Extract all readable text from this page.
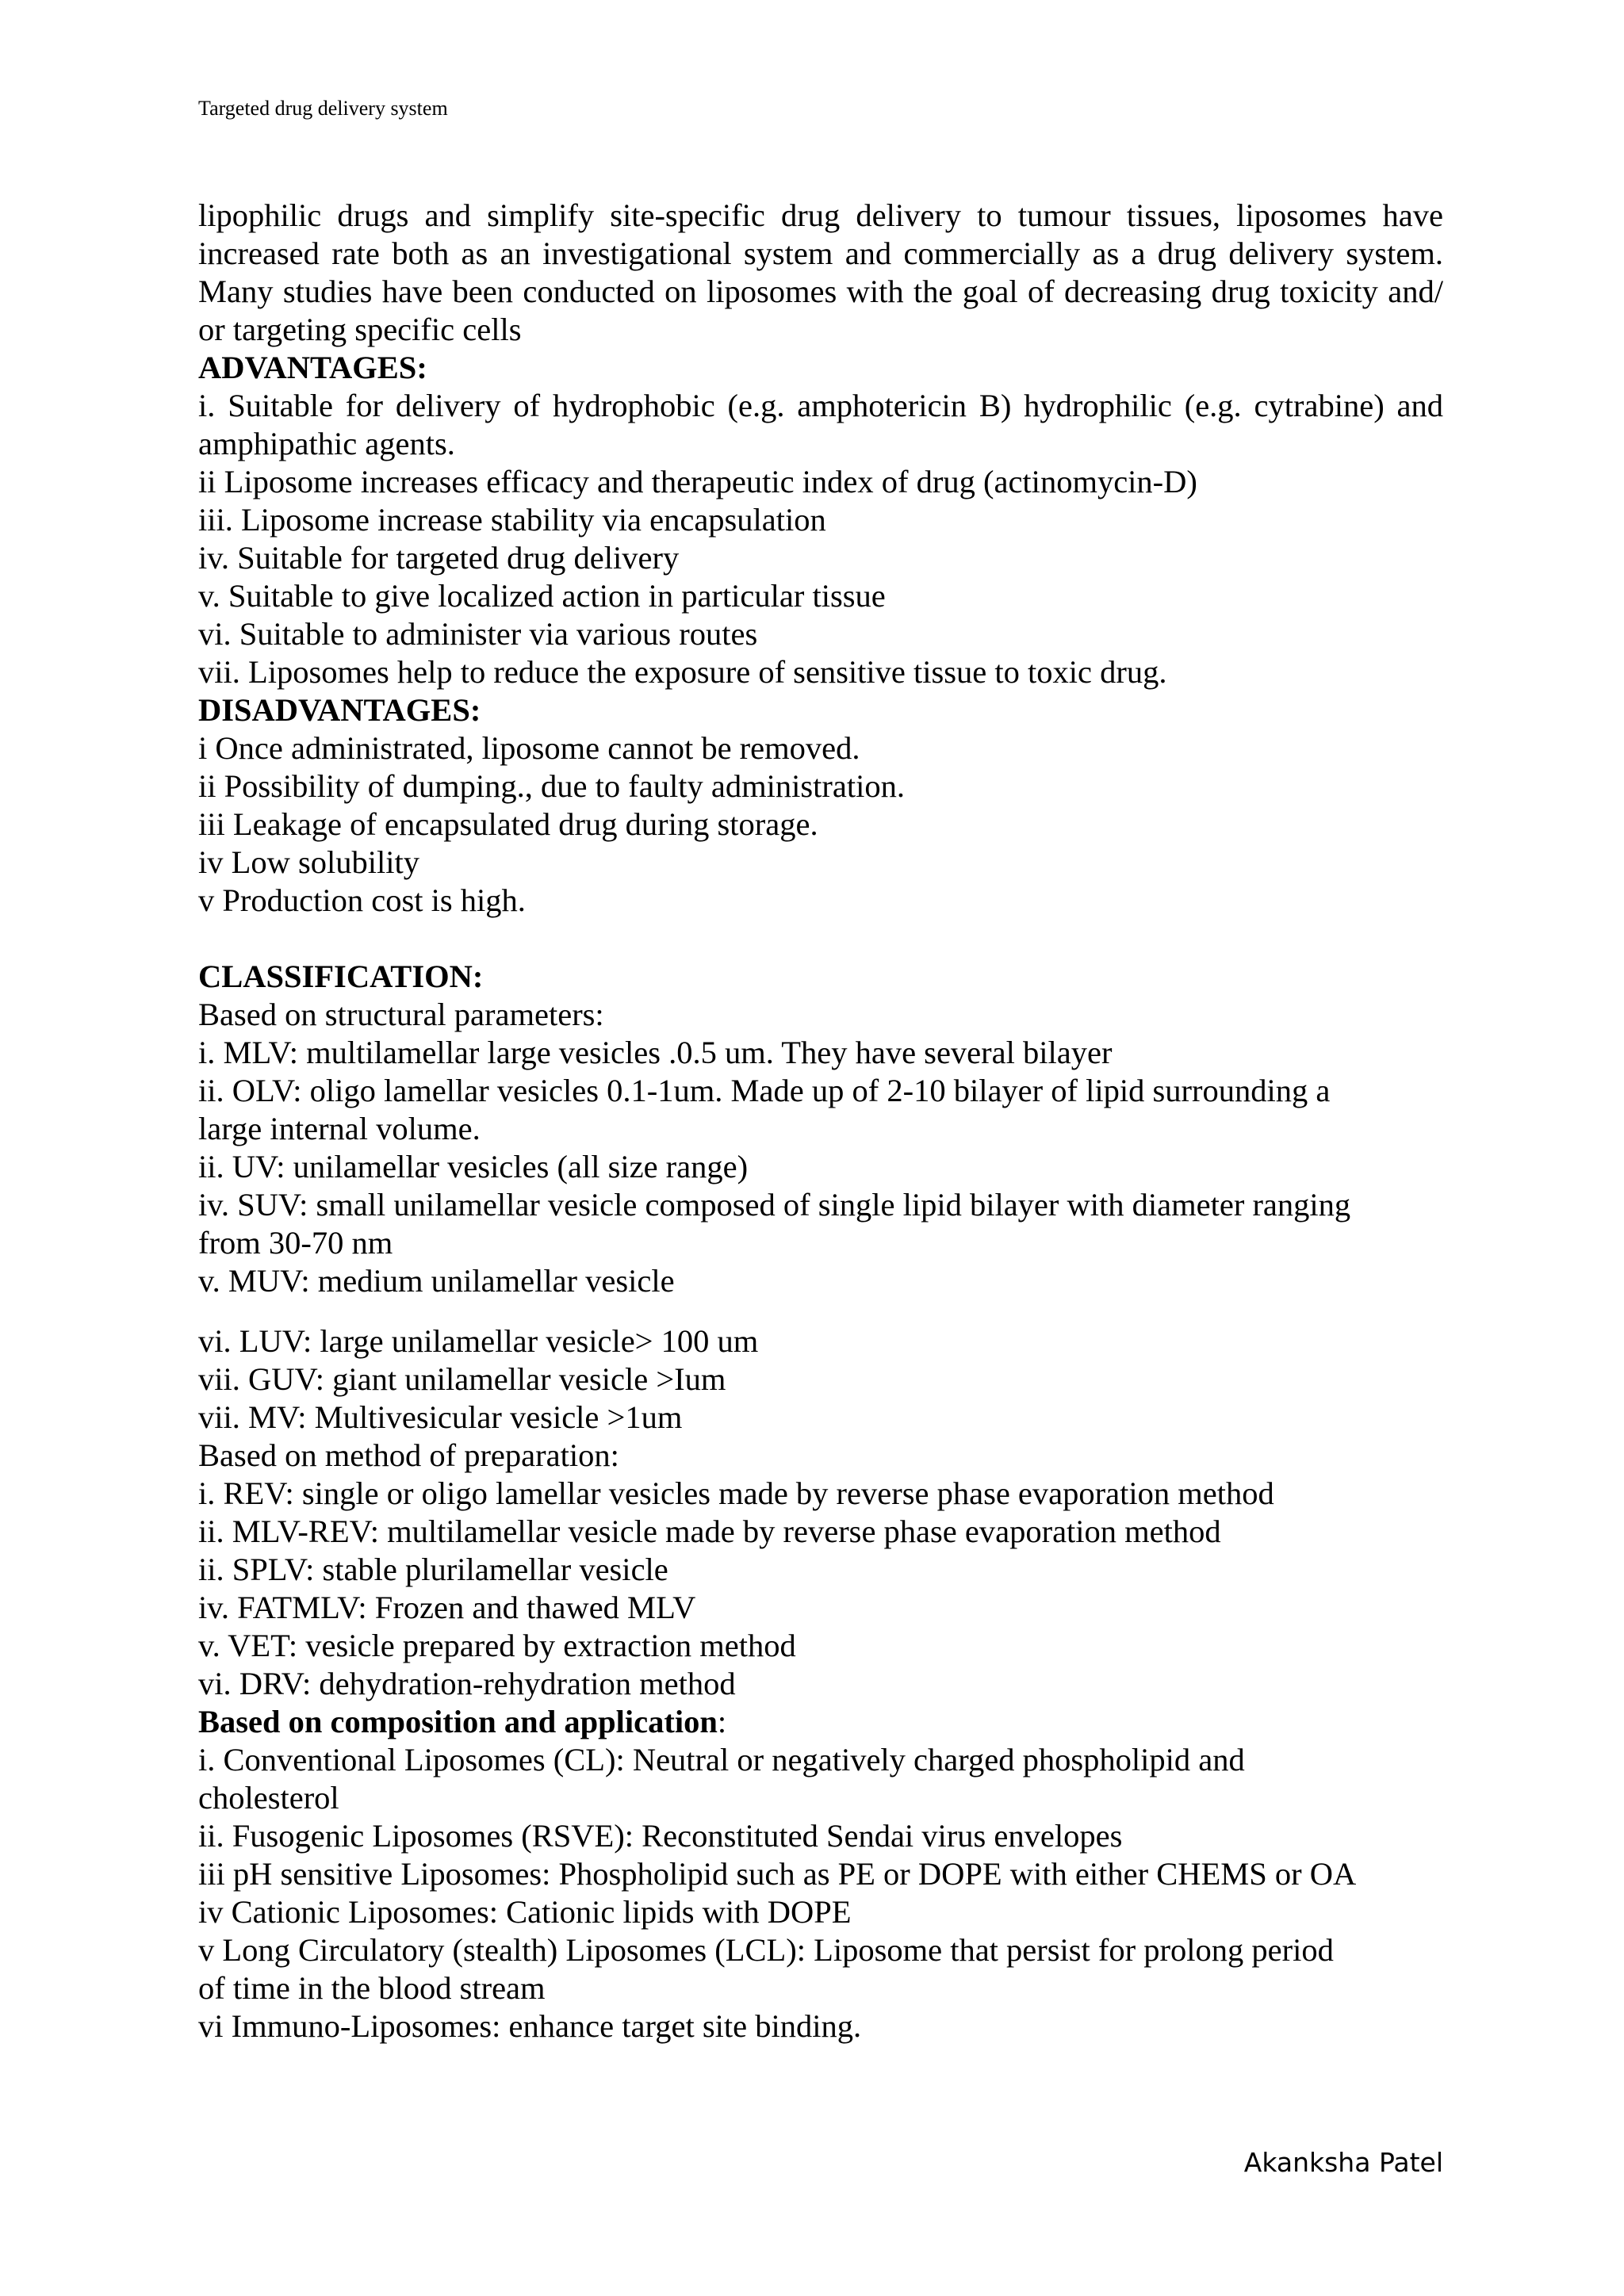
Targeted drug delivery system
lipophilic drugs and simplify site-specific drug delivery to tumour tissues, liposomes have
increased rate both as an investigational system and commercially as a drug delivery system.
Many studies have been conducted on liposomes with the goal of decreasing drug toxicity and/
or targeting specific cells
ADVANTAGES:
i. Suitable for delivery of hydrophobic (e.g. amphotericin B) hydrophilic (e.g. cytrabine) and
amphipathic agents.
ii Liposome increases efficacy and therapeutic index of drug (actinomycin-D)
iii. Liposome increase stability via encapsulation
iv. Suitable for targeted drug delivery
v. Suitable to give localized action in particular tissue
vi. Suitable to administer via various routes
vii. Liposomes help to reduce the exposure of sensitive tissue to toxic drug.
DISADVANTAGES:
i Once administrated, liposome cannot be removed.
ii Possibility of dumping., due to faulty administration.
iii Leakage of encapsulated drug during storage.
iv Low solubility
v Production cost is high.
CLASSIFICATION:
Based on structural parameters:
i. MLV: multilamellar large vesicles .0.5 um. They have several bilayer
ii. OLV: oligo lamellar vesicles 0.1-1um. Made up of 2-10 bilayer of lipid surrounding a
large internal volume.
ii. UV: unilamellar vesicles (all size range)
iv. SUV: small unilamellar vesicle composed of single lipid bilayer with diameter ranging
from 30-70 nm
v. MUV: medium unilamellar vesicle
vi. LUV: large unilamellar vesicle> 100 um
vii. GUV: giant unilamellar vesicle >Ium
vii. MV: Multivesicular vesicle >1um
Based on method of preparation:
i. REV: single or oligo lamellar vesicles made by reverse phase evaporation method
ii. MLV-REV: multilamellar vesicle made by reverse phase evaporation method
ii. SPLV: stable plurilamellar vesicle
iv. FATMLV: Frozen and thawed MLV
v. VET: vesicle prepared by extraction method
vi. DRV: dehydration-rehydration method
Based on composition and application:
i. Conventional Liposomes (CL): Neutral or negatively charged phospholipid and
cholesterol
ii. Fusogenic Liposomes (RSVE): Reconstituted Sendai virus envelopes
iii pH sensitive Liposomes: Phospholipid such as PE or DOPE with either CHEMS or OA
iv Cationic Liposomes: Cationic lipids with DOPE
v Long Circulatory (stealth) Liposomes (LCL): Liposome that persist for prolong period
of time in the blood stream
vi Immuno-Liposomes: enhance target site binding.
Akanksha Patel
